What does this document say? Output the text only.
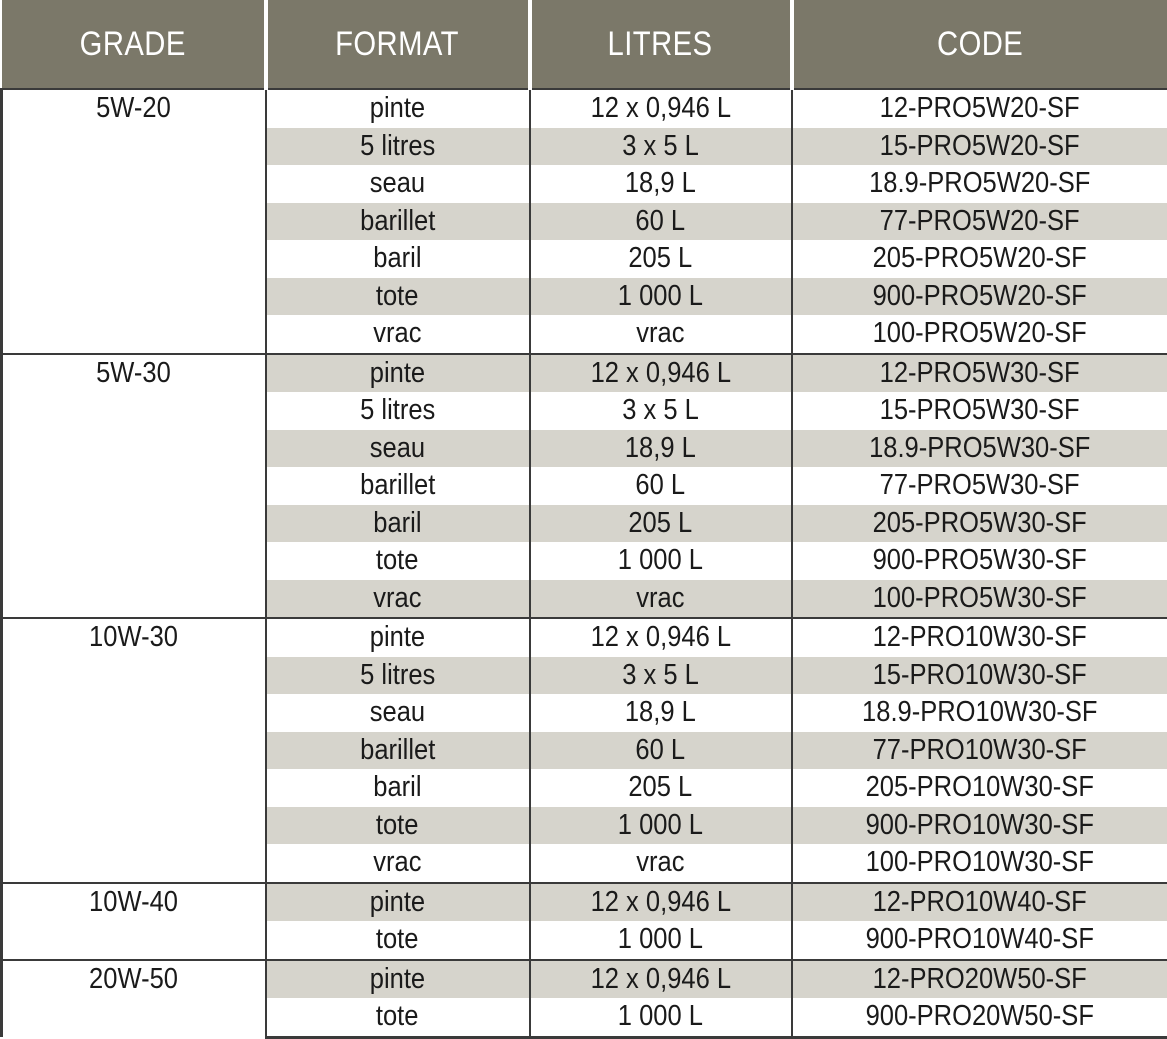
GRADE	FORMAT	LITRES	CODE
5W-20	pinte	12 x 0,946 L	12-PRO5W20-SF
	5 litres	3 x 5 L	15-PRO5W20-SF
	seau	18,9 L	18.9-PRO5W20-SF
	barillet	60 L	77-PRO5W20-SF
	baril	205 L	205-PRO5W20-SF
	tote	1 000 L	900-PRO5W20-SF
	vrac	vrac	100-PRO5W20-SF
5W-30	pinte	12 x 0,946 L	12-PRO5W30-SF
	5 litres	3 x 5 L	15-PRO5W30-SF
	seau	18,9 L	18.9-PRO5W30-SF
	barillet	60 L	77-PRO5W30-SF
	baril	205 L	205-PRO5W30-SF
	tote	1 000 L	900-PRO5W30-SF
	vrac	vrac	100-PRO5W30-SF
10W-30	pinte	12 x 0,946 L	12-PRO10W30-SF
	5 litres	3 x 5 L	15-PRO10W30-SF
	seau	18,9 L	18.9-PRO10W30-SF
	barillet	60 L	77-PRO10W30-SF
	baril	205 L	205-PRO10W30-SF
	tote	1 000 L	900-PRO10W30-SF
	vrac	vrac	100-PRO10W30-SF
10W-40	pinte	12 x 0,946 L	12-PRO10W40-SF
	tote	1 000 L	900-PRO10W40-SF
20W-50	pinte	12 x 0,946 L	12-PRO20W50-SF
	tote	1 000 L	900-PRO20W50-SF
